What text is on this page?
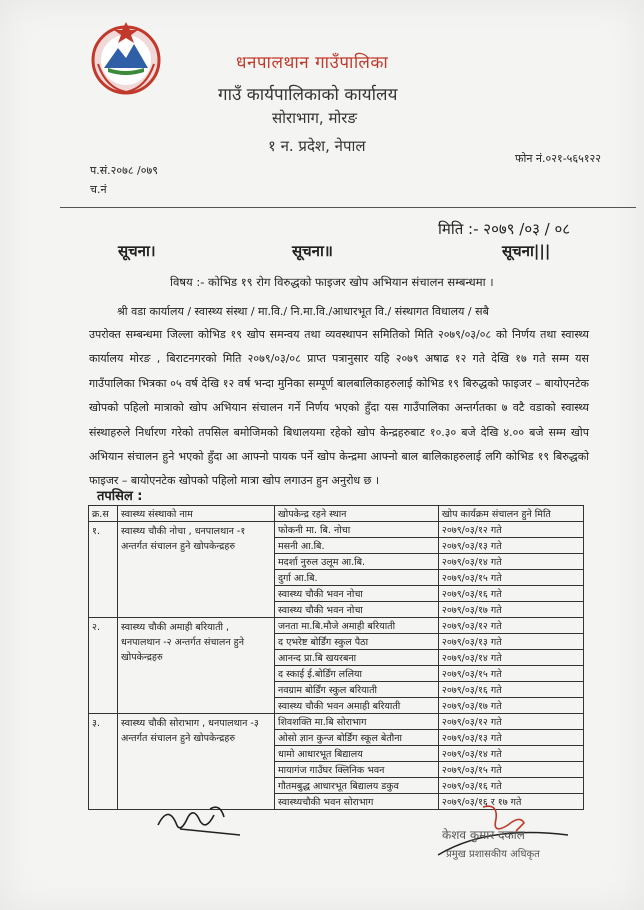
धनपालथान गाउँपालिका
गाउँ कार्यपालिकाको कार्यालय
सोराभाग, मोरङ
१ न. प्रदेश, नेपाल
प.सं.२०७८ /०७९
च.नं
फोन नं.०२१-५६५१२२
मिति :- २०७९ /०३ / ०८
सूचना।	सूचना॥	सूचना|||
विषय :- कोभिड १९ रोग विरुद्धको फाइजर खोप अभियान संचालन सम्बन्धमा ।
श्री वडा कार्यालय / स्वास्थ्य संस्था / मा.वि./ नि.मा.वि./आधारभूत वि./ संस्थागत विधालय / सबै
उपरोक्त सम्बन्धमा जिल्ला कोभिड १९ खोप समन्वय तथा व्यवस्थापन समितिको मिति २०७९/०३/०८ को निर्णय तथा स्वास्थ्य कार्यालय मोरङ , बिराटनगरको मिति २०७९/०३/०८ प्राप्त पत्रानुसार यहि २०७९ अषाढ १२ गते देखि १७ गते सम्म यस गाउँपालिका भित्रका ०५ वर्ष देखि १२ वर्ष भन्दा मुनिका सम्पूर्ण बालबालिकाहरुलाई कोभिड १९ बिरुद्धको फाइजर – बायोएनटेक खोपको पहिलो मात्राको खोप अभियान संचालन गर्ने निर्णय भएको हुँदा यस गाउँपालिका अन्तर्गतका ७ वटै वडाको स्वास्थ्य संस्थाहरुले निर्धारण गरेको तपसिल बमोजिमको बिधालयमा रहेको खोप केन्द्रहरुबाट १०.३० बजे देखि ४.०० बजे सम्म खोप अभियान संचालन हुने भएको हुँदा आ आफ्नो पायक पर्ने खोप केन्द्रमा आफ्नो बाल बालिकाहरुलाई लगि कोभिड १९ बिरुद्धको फाइजर – बायोएनटेक खोपको पहिलो मात्रा खोप लगाउन हुन अनुरोध छ ।
तपसिल :
क्र.स	स्वास्थ्य संस्थाको नाम	खोपकेन्द्र रहने स्थान	खोप कार्यक्रम संचालन हुने मिति
१.	स्वास्थ्य चौकी नोचा , धनपालथान -१ अन्तर्गत संचालन हुने खोपकेन्द्रहरु	फोकनी मा. बि. नोचा	२०७९/०३/१२ गते
		मसनी आ.बि.	२०७९/०३/१३ गते
		मदर्शा नुरुल उलूम आ.बि.	२०७९/०३/१४ गते
		दुर्गा आ.बि.	२०७९/०३/१५ गते
		स्वास्थ्य चौकी भवन नोचा	२०७९/०३/१६ गते
		स्वास्थ्य चौकी भवन नोचा	२०७९/०३/१७ गते
२.	स्वास्थ्य चौकी अमाही बरियाती , धनपालथान -२ अन्तर्गत संचालन हुने खोपकेन्द्रहरु	जनता मा.बि.मौजे अमाही बरियाती	२०७९/०३/१२ गते
		द एभरेष्ट बोर्डिंग स्कुल पैठा	२०७९/०३/१३ गते
		आनन्द प्रा.बि खयरबना	२०७९/०३/१४ गते
		द स्काई ई.बोर्डिंग ललिया	२०७९/०३/१५ गते
		नवग्राम बोर्डिंग स्कुल बरियाती	२०७९/०३/१६ गते
		स्वास्थ्य चौकी भवन अमाही बरियाती	२०७९/०३/१७ गते
३.	स्वास्थ्य चौकी सोराभाग , धनपालथान -३ अन्तर्गत संचालन हुने खोपकेन्द्रहरु	शिवशक्ति मा.बि सोराभाग	२०७९/०३/१२ गते
		ओसो ज्ञान कुन्ज बोर्डिंग स्कूल बेतौना	२०७९/०३/१३ गते
		धामो आधारभूत बिद्यालय	२०७९/०३/१४ गते
		मायागंज गाउँघर क्लिनिक भवन	२०७९/०३/१५ गते
		गौतमबुद्ध आधारभूत बिद्यालय डकुव	२०७९/०३/१६ गते
		स्वास्थ्यचौकी भवन सोराभाग	२०७९/०३/१६ र १७ गते
केशव कुमार दकाल
प्रमुख प्रशासकीय अधिकृत
